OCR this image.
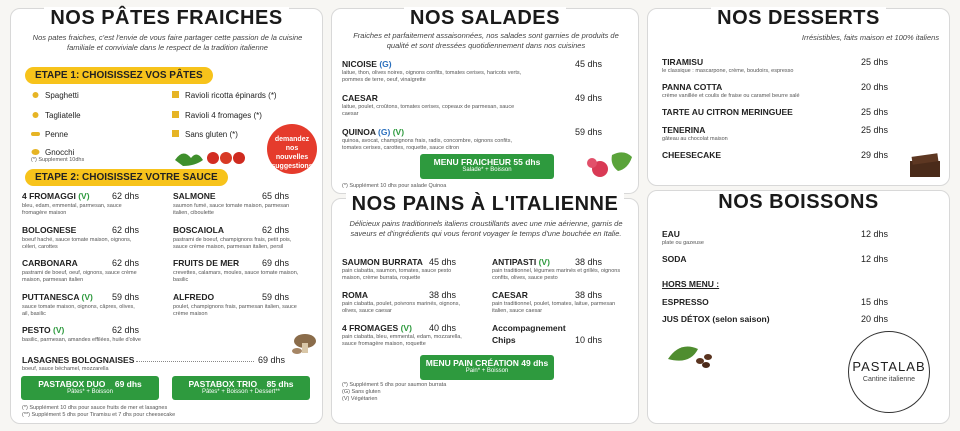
NOS PÂTES FRAICHES
Nos pates fraiches, c'est l'envie de vous faire partager cette passion de la cuisine familiale et conviviale dans le respect de la tradition italienne
ETAPE 1: CHOISISSEZ VOS PÂTES
Spaghetti
Tagliatelle
Penne
Gnocchi
Ravioli ricotta épinards (*)
Ravioli 4 fromages (*)
Sans gluten (*)
(*) Supplement 10dhs
demandez nos nouvelles suggestions
ETAPE 2: CHOISISSEZ VOTRE SAUCE
LASAGNES BOLOGNAISES	69 dhs
boeuf, sauce béchamel, mozzarella
PASTABOX DUO 69 dhs
Pâtes* + Boisson
PASTABOX TRIO 85 dhs
Pâtes* + Boisson + Dessert**
(*) Supplément 10 dhs pour sauce fruits de mer et lasagnes
(**) Supplément 5 dhs pour Tiramisu et 7 dhs pour cheesecake
4 FROMAGGI (V)	62 dhs
bleu, edam, emmental, parmesan, sauce fromagère maison
SALMONE	65 dhs
saumon fumé, sauce tomate maison, parmesan italien, ciboulette
BOLOGNESE	62 dhs
boeuf haché, sauce tomate maison, oignons, céleri, carottes
BOSCAIOLA	62 dhs
pastrami de boeuf, champignons frais, petit pois, sauce crème maison, parmesan italien, persil
CARBONARA	62 dhs
pastrami de boeuf, oeuf, oignons, sauce crème maison, parmesan italien
FRUITS DE MER	69 dhs
crevettes, calamars, moules, sauce tomate maison, basilic
PUTTANESCA (V)	59 dhs
sauce tomate maison, oignons, câpres, olives, ail, basilic
ALFREDO	59 dhs
poulet, champignons frais, parmesan italien, sauce crème maison
PESTO (V)	62 dhs
basilic, parmesan, amandes effilées, huile d'olive
NOS SALADES
Fraiches et parfaitement assaisonnées, nos salades sont garnies de produits de qualité et sont dressées quotidiennement dans nos cuisines
MENU FRAICHEUR 55 dhs
Salade* + Boisson
(*) Supplément 10 dhs pour salade Quinoa
NICOISE (G)	45 dhs
laitue, thon, olives noires, oignons confits, tomates cerises, haricots verts, pommes de terre, oeuf, vinaigrette
CAESAR	49 dhs
laitue, poulet, croûtons, tomates cerises, copeaux de parmesan, sauce caesar
QUINOA (G) (V)	59 dhs
quinoa, avocat, champignons frais, radis, concombre, oignons confits, tomates cerises, carottes, roquette, sauce citron
NOS PAINS À L'ITALIENNE
Délicieux pains traditionnels italiens croustillants avec une mie aérienne, garnis de saveurs et d'ingrédients qui vous feront voyager le temps d'une bouchée en Italie.
Accompagnement
Chips	10 dhs
MENU PAIN CRÉATION 49 dhs
Pain* + Boisson
(*) Supplément 5 dhs pour saumon burrata
(G) Sans gluten
(V) Végétarien
SAUMON BURRATA 45 dhs
pain ciabatta, saumon, tomates, sauce pesto maison, crème burrata, roquette
ROMA	38 dhs
pain ciabatta, poulet, poivrons marinés, oignons, olives, sauce caesar
4 FROMAGES (V)	40 dhs
pain ciabatta, bleu, emmental, edam, mozzarella, sauce fromagère maison, roquette
ANTIPASTI (V)	38 dhs
pain traditionnel, légumes marinés et grillés, oignons confits, olives, sauce pesto
CAESAR	38 dhs
pain traditionnel, poulet, tomates, laitue, parmesan italien, sauce caesar
NOS DESSERTS
Irrésistibles, faits maison et 100% italiens
TIRAMISU	25 dhs
le classique : mascarpone, crème, boudoirs, espresso
PANNA COTTA	20 dhs
crème vanillée et coulis de fraise ou caramel beurre salé
TARTE AU CITRON MERINGUEE	25 dhs
TENERINA	25 dhs
gâteau au chocolat maison
CHEESECAKE	29 dhs
NOS BOISSONS
HORS MENU :
PASTALAB
Cantine italienne
EAU	12 dhs
plate ou gazeuse
SODA	12 dhs
ESPRESSO	15 dhs
JUS DÉTOX (selon saison)	20 dhs
